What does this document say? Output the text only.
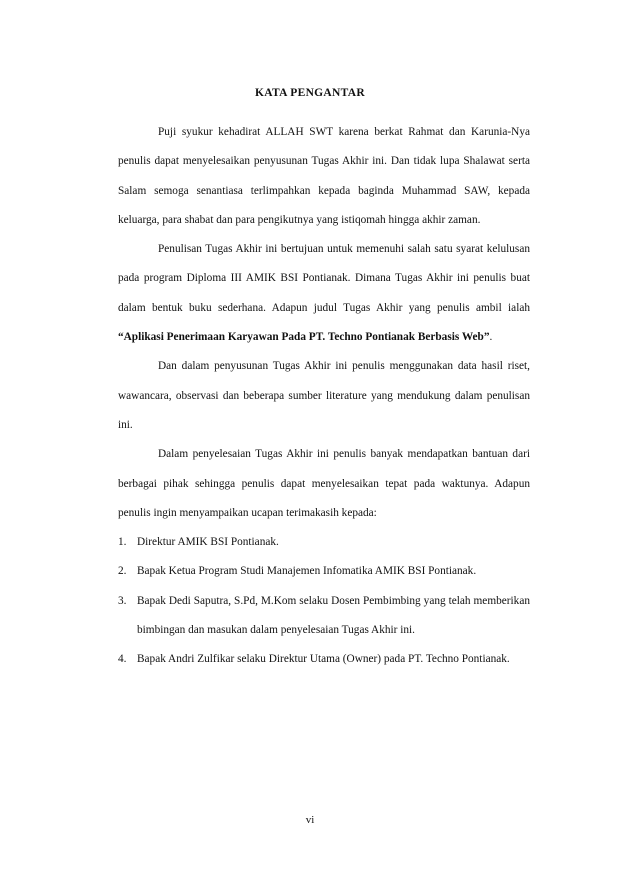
KATA PENGANTAR

Puji syukur kehadirat ALLAH SWT karena berkat Rahmat dan Karunia-Nya penulis dapat menyelesaikan penyusunan Tugas Akhir ini. Dan tidak lupa Shalawat serta Salam semoga senantiasa terlimpahkan kepada baginda Muhammad SAW, kepada keluarga, para shabat dan para pengikutnya yang istiqomah hingga akhir zaman.

Penulisan Tugas Akhir ini bertujuan untuk memenuhi salah satu syarat kelulusan pada program Diploma III AMIK BSI Pontianak. Dimana Tugas Akhir ini penulis buat dalam bentuk buku sederhana. Adapun judul Tugas Akhir yang penulis ambil ialah “Aplikasi Penerimaan Karyawan Pada PT. Techno Pontianak Berbasis Web”.

Dan dalam penyusunan Tugas Akhir ini penulis menggunakan data hasil riset, wawancara, observasi dan beberapa sumber literature yang mendukung dalam penulisan ini.

Dalam penyelesaian Tugas Akhir ini penulis banyak mendapatkan bantuan dari berbagai pihak sehingga penulis dapat menyelesaikan tepat pada waktunya. Adapun penulis ingin menyampaikan ucapan terimakasih kepada:

1. Direktur AMIK BSI Pontianak.
2. Bapak Ketua Program Studi Manajemen Infomatika AMIK BSI Pontianak.
3. Bapak Dedi Saputra, S.Pd, M.Kom selaku Dosen Pembimbing yang telah memberikan bimbingan dan masukan dalam penyelesaian Tugas Akhir ini.
4. Bapak Andri Zulfikar selaku Direktur Utama (Owner) pada PT. Techno Pontianak.
vi
